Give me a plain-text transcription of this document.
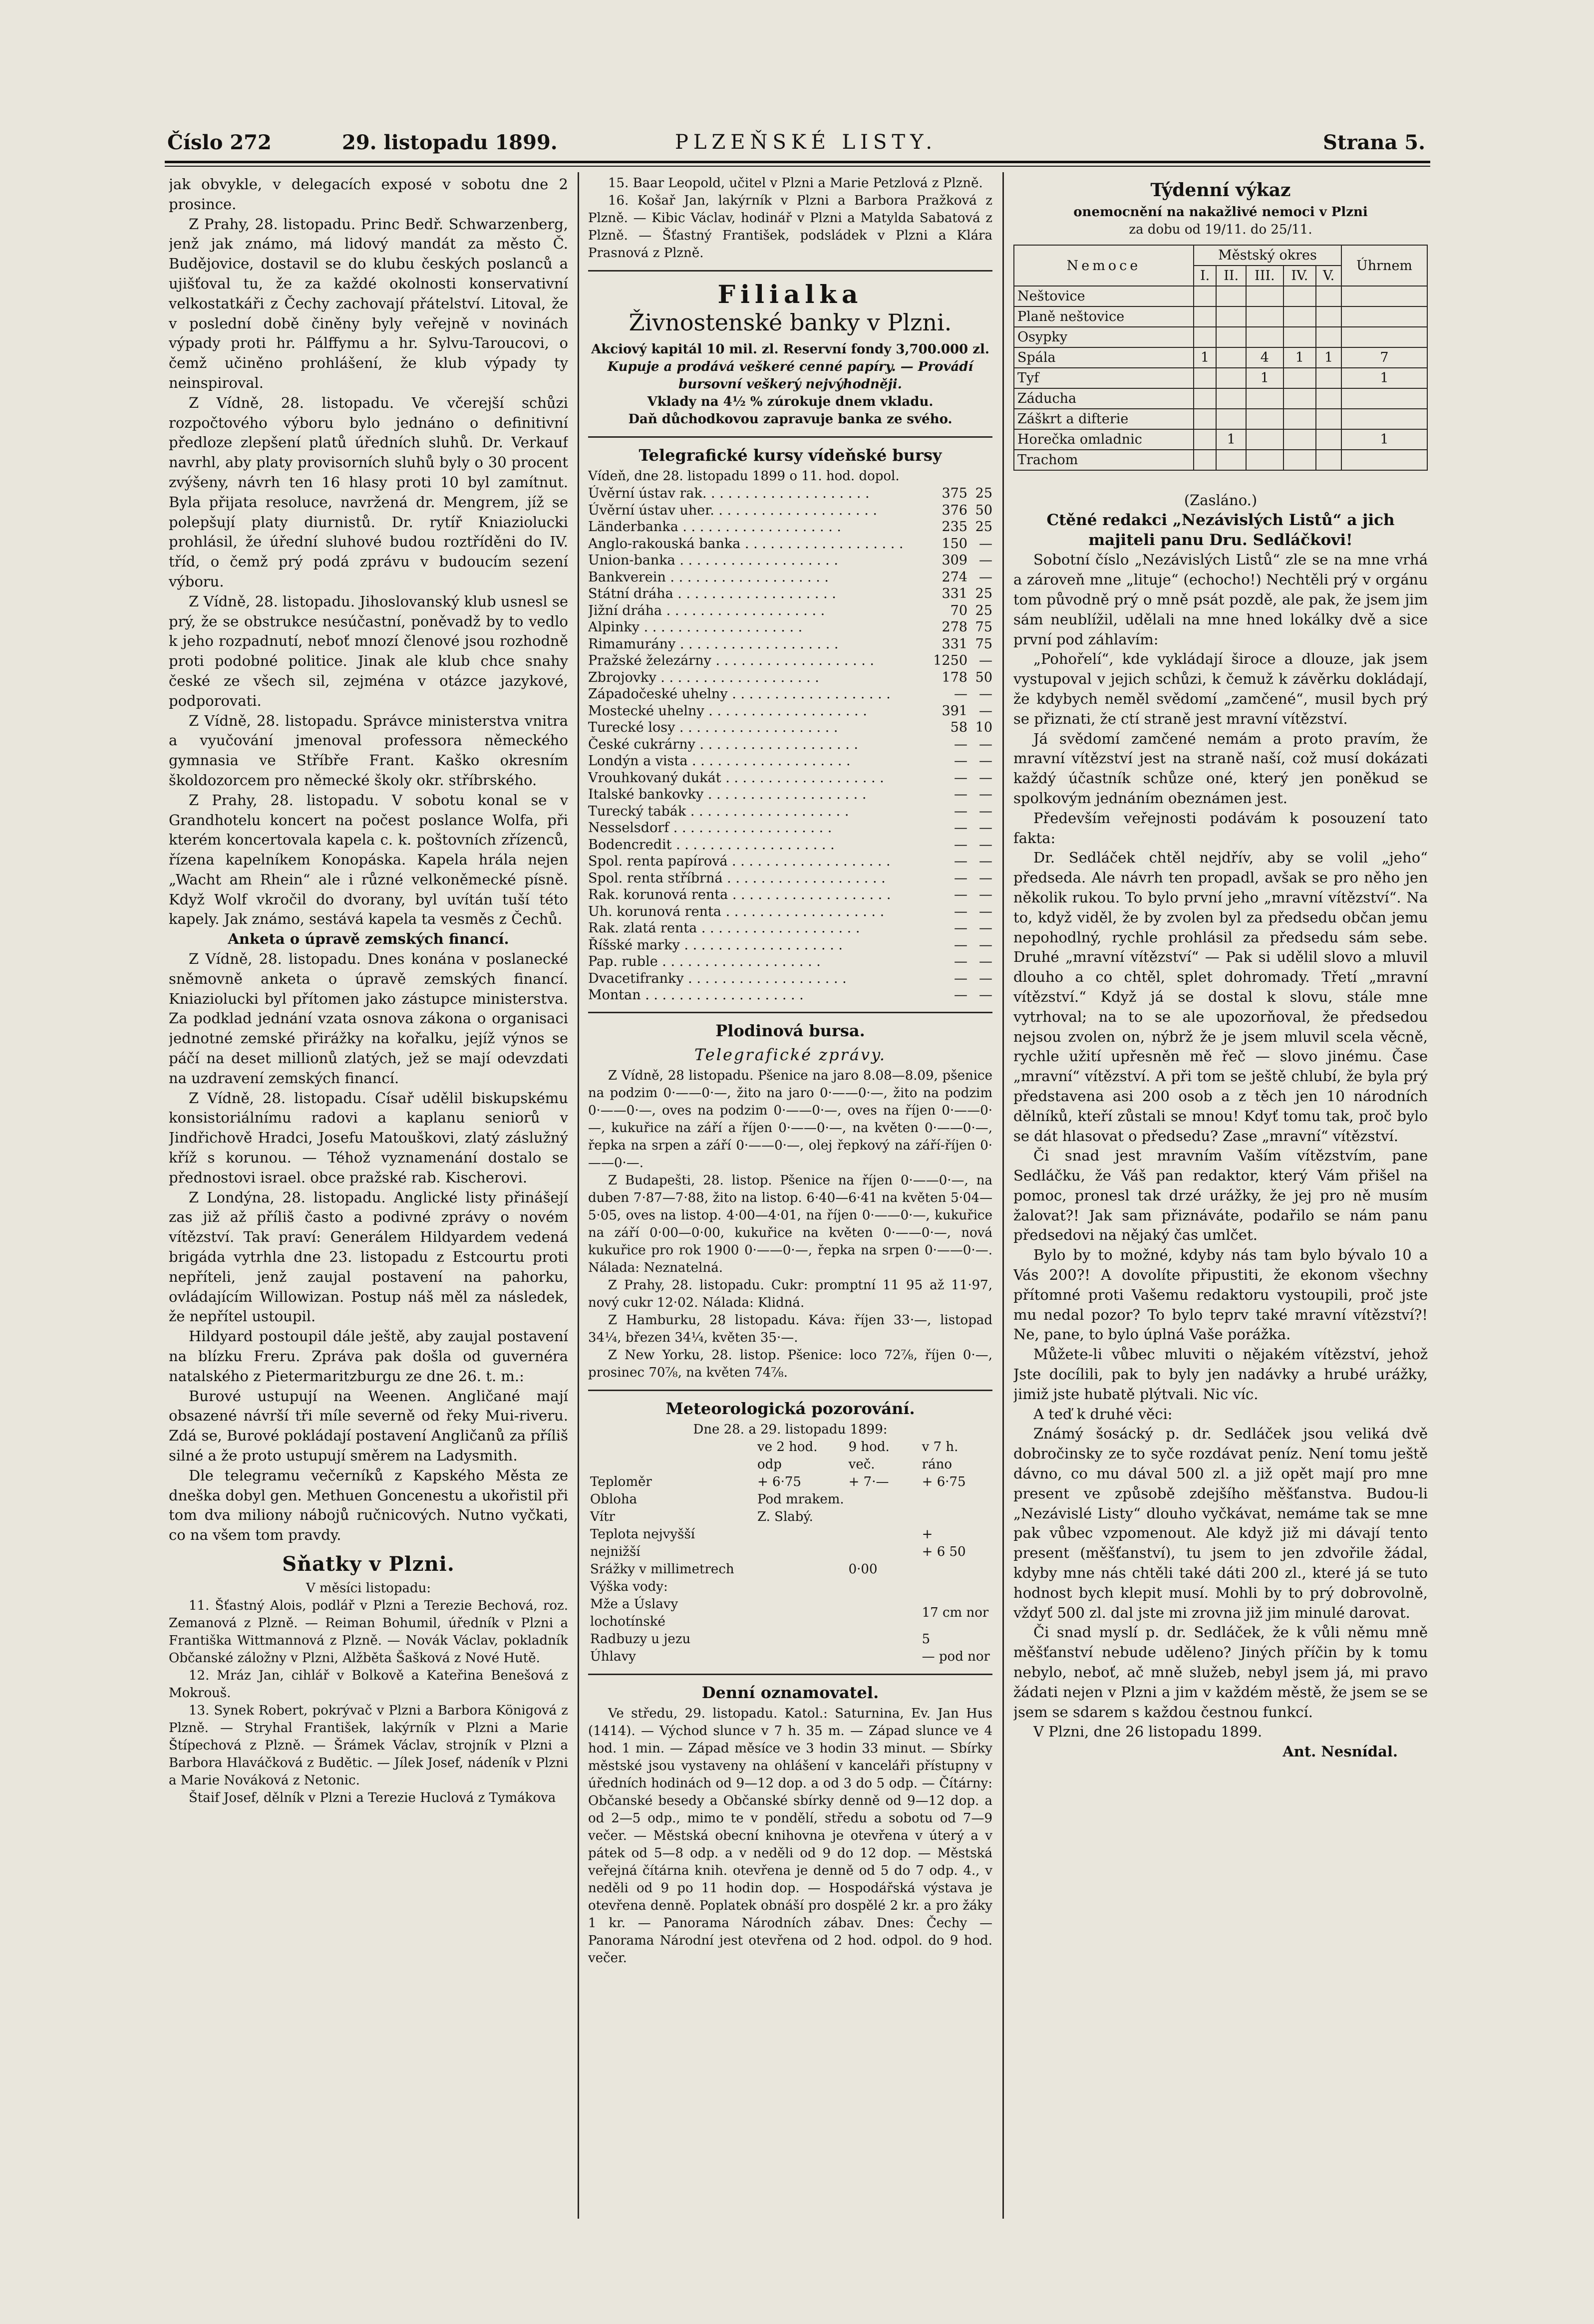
Číslo 272	29. listopadu 1899.	PLZEŇSKÉ LISTY.	Strana 5.

jak obvykle, v delegacích exposé v sobotu dne 2 prosince.

Z Prahy, 28. listopadu. Princ Bedř. Schwarzenberg, jenž jak známo, má lidový mandát za město Č. Budějovice, dostavil se do klubu českých poslanců a ujišťoval tu, že za každé okolnosti konservativní velkostatkáři z Čechy zachovají přátelství. Litoval, že v poslední době činěny byly veřejně v novinách výpady proti hr. Pálffymu a hr. Sylvu-Taroucovi, o čemž učiněno prohlášení, že klub výpady ty neinspiroval.

Z Vídně, 28. listopadu. Ve včerejší schůzi rozpočtového výboru bylo jednáno o definitivní předloze zlepšení platů úředních sluhů. Dr. Verkauf navrhl, aby platy provisorních sluhů byly o 30 procent zvýšeny, návrh ten 16 hlasy proti 10 byl zamítnut. Byla přijata resoluce, navržená dr. Mengrem, jíž se polepšují platy diurnistů. Dr. rytíř Kniaziolucki prohlásil, že úřední sluhové budou roztříděni do IV. tříd, o čemž prý podá zprávu v budoucím sezení výboru.

Z Vídně, 28. listopadu. Jihoslovanský klub usnesl se prý, že se obstrukce nesúčastní, poněvadž by to vedlo k jeho rozpadnutí, neboť mnozí členové jsou rozhodně proti podobné politice. Jinak ale klub chce snahy české ze všech sil, zejména v otázce jazykové, podporovati.

Z Vídně, 28. listopadu. Správce ministerstva vnitra a vyučování jmenoval professora německého gymnasia ve Stříbře Frant. Kaško okresním školdozorcem pro německé školy okr. stříbrského.

Z Prahy, 28. listopadu. V sobotu konal se v Grandhotelu koncert na počest poslance Wolfa, při kterém koncertovala kapela c. k. poštovních zřízenců, řízena kapelníkem Konopáska. Kapela hrála nejen „Wacht am Rhein“ ale i různé velkoněmecké písně. Když Wolf vkročil do dvorany, byl uvítán tuší této kapely. Jak známo, sestává kapela ta vesměs z Čechů.

Anketa o úpravě zemských financí.

Z Vídně, 28. listopadu. Dnes konána v poslanecké sněmovně anketa o úpravě zemských financí. Kniaziolucki byl přítomen jako zástupce ministerstva. Za podklad jednání vzata osnova zákona o organisaci jednotné zemské přirážky na kořalku, jejíž výnos se páčí na deset millionů zlatých, jež se mají odevzdati na uzdravení zemských financí.

Z Vídně, 28. listopadu. Císař udělil biskupskému konsistoriálnímu radovi a kaplanu seniorů v Jindřichově Hradci, Josefu Matouškovi, zlatý záslužný kříž s korunou. — Téhož vyznamenání dostalo se přednostovi israel. obce pražské rab. Kischerovi.

Z Londýna, 28. listopadu. Anglické listy přinášejí zas již až příliš často a podivné zprávy o novém vítězství. Tak praví: Generálem Hildyardem vedená brigáda vytrhla dne 23. listopadu z Estcourtu proti nepříteli, jenž zaujal postavení na pahorku, ovládajícím Willowizan. Postup náš měl za následek, že nepřítel ustoupil.

Hildyard postoupil dále ještě, aby zaujal postavení na blízku Freru. Zpráva pak došla od guvernéra natalského z Pietermaritzburgu ze dne 26. t. m.:

Burové ustupují na Weenen. Angličané mají obsazené návrší tři míle severně od řeky Mui-riveru. Zdá se, Burové pokládají postavení Angličanů za příliš silné a že proto ustupují směrem na Ladysmith.

Dle telegramu večerníků z Kapského Města ze dneška dobyl gen. Methuen Goncenestu a ukořistil při tom dva miliony nábojů ručnicových. Nutno vyčkati, co na všem tom pravdy.

Sňatky v Plzni.

V měsíci listopadu:

11. Šťastný Alois, podlář v Plzni a Terezie Bechová, roz. Zemanová z Plzně. — Reiman Bohumil, úředník v Plzni a Františka Wittmannová z Plzně. — Novák Václav, pokladník Občanské záložny v Plzni, Alžběta Šašková z Nové Hutě.

12. Mráz Jan, cihlář v Bolkově a Kateřina Benešová z Mokrouš.

13. Synek Robert, pokrývač v Plzni a Barbora Königová z Plzně. — Stryhal František, lakýrník v Plzni a Marie Štípechová z Plzně. — Šrámek Václav, strojník v Plzni a Barbora Hlaváčková z Budětic. — Jílek Josef, nádeník v Plzni a Marie Nováková z Netonic.

Štaif Josef, dělník v Plzni a Terezie Huclová z Tymákova

15. Baar Leopold, učitel v Plzni a Marie Petzlová z Plzně.

16. Košař Jan, lakýrník v Plzni a Barbora Pražková z Plzně. — Kibic Václav, hodinář v Plzni a Matylda Sabatová z Plzně. — Šťastný František, podsládek v Plzni a Klára Prasnová z Plzně.

Filialka
Živnostenské banky v Plzni.

Akciový kapitál 10 mil. zl. Reservní fondy 3,700.000 zl.

Kupuje a prodává veškeré cenné papíry. — Provádí

bursovní veškerý nejvýhodněji.

Vklady na 4½ % zúrokuje dnem vkladu.

Daň důchodkovou zapravuje banka ze svého.

Telegrafické kursy vídeňské bursy

Vídeň, dne 28. listopadu 1899 o 11. hod. dopol.

Úvěrní ústav rak. . . . . . . . . . . . . . . . . . . .	375	25
Úvěrní ústav uher. . . . . . . . . . . . . . . . . . . .	376	50
Länderbanka . . . . . . . . . . . . . . . . . . .	235	25
Anglo-rakouská banka . . . . . . . . . . . . . . . . . . .	150	—
Union-banka . . . . . . . . . . . . . . . . . . .	309	—
Bankverein . . . . . . . . . . . . . . . . . . .	274	—
Státní dráha . . . . . . . . . . . . . . . . . . .	331	25
Jižní dráha . . . . . . . . . . . . . . . . . . .	70	25
Alpinky . . . . . . . . . . . . . . . . . . .	278	75
Rimamurány . . . . . . . . . . . . . . . . . . .	331	75
Pražské železárny . . . . . . . . . . . . . . . . . . .	1250	—
Zbrojovky . . . . . . . . . . . . . . . . . . .	178	50
Západočeské uhelny . . . . . . . . . . . . . . . . . . .	—	—
Mostecké uhelny . . . . . . . . . . . . . . . . . . .	391	—
Turecké losy . . . . . . . . . . . . . . . . . . .	58	10
České cukrárny . . . . . . . . . . . . . . . . . . .	—	—
Londýn a vista . . . . . . . . . . . . . . . . . . .	—	—
Vrouhkovaný dukát . . . . . . . . . . . . . . . . . . .	—	—
Italské bankovky . . . . . . . . . . . . . . . . . . .	—	—
Turecký tabák . . . . . . . . . . . . . . . . . . .	—	—
Nesselsdorf . . . . . . . . . . . . . . . . . . .	—	—
Bodencredit . . . . . . . . . . . . . . . . . . .	—	—
Spol. renta papírová . . . . . . . . . . . . . . . . . . .	—	—
Spol. renta stříbrná . . . . . . . . . . . . . . . . . . .	—	—
Rak. korunová renta . . . . . . . . . . . . . . . . . . .	—	—
Uh. korunová renta . . . . . . . . . . . . . . . . . . .	—	—
Rak. zlatá renta . . . . . . . . . . . . . . . . . . .	—	—
Říšské marky . . . . . . . . . . . . . . . . . . .	—	—
Pap. ruble . . . . . . . . . . . . . . . . . . .	—	—
Dvacetifranky . . . . . . . . . . . . . . . . . . .	—	—
Montan . . . . . . . . . . . . . . . . . . .	—	—
Plodinová bursa.
Telegrafické zprávy.

Z Vídně, 28 listopadu. Pšenice na jaro 8.08—8.09, pšenice na podzim 0·——0·—, žito na jaro 0·——0·—, žito na podzim 0·——0·—, oves na podzim 0·——0·—, oves na říjen 0·——0·—, kukuřice na září a říjen 0·——0·—, na květen 0·——0·—, řepka na srpen a září 0·——0·—, olej řepkový na září-říjen 0·——0·—.

Z Budapešti, 28. listop. Pšenice na říjen 0·——0·—, na duben 7·87—7·88, žito na listop. 6·40—6·41 na květen 5·04—5·05, oves na listop. 4·00—4·01, na říjen 0·——0·—, kukuřice na září 0·00—0·00, kukuřice na květen 0·——0·—, nová kukuřice pro rok 1900 0·——0·—, řepka na srpen 0·——0·—. Nálada: Neznatelná.

Z Prahy, 28. listopadu. Cukr: promptní 11 95 až 11·97, nový cukr 12·02. Nálada: Klidná.

Z Hamburku, 28 listopadu. Káva: říjen 33·—, listopad 34¼, březen 34¼, květen 35·—.

Z New Yorku, 28. listop. Pšenice: loco 72⅞, říjen 0·—, prosinec 70⅞, na květen 74⅞.

Meteorologická pozorování.

Dne 28. a 29. listopadu 1899:

	ve 2 hod. odp	9 hod. več.	v 7 h. ráno
Teploměr	+ 6·75	+ 7·—	+ 6·75
Obloha	Pod mrakem.		
Vítr	Z. Slabý.		
Teplota nejvyšší			+
nejnižší			+ 6 50
Srážky v millimetrech		0·00	
Výška vody:			
Mže a Úslavy lochotínské			17 cm nor
Radbuzy u jezu			5
Úhlavy			— pod nor
Denní oznamovatel.

Ve středu, 29. listopadu. Katol.: Saturnina, Ev. Jan Hus (1414). — Východ slunce v 7 h. 35 m. — Západ slunce ve 4 hod. 1 min. — Západ měsíce ve 3 hodin 33 minut. — Sbírky městské jsou vystaveny na ohlášení v kanceláři přístupny v úředních hodinách od 9—12 dop. a od 3 do 5 odp. — Čítárny: Občanské besedy a Občanské sbírky denně od 9—12 dop. a od 2—5 odp., mimo te v pondělí, středu a sobotu od 7—9 večer. — Městská obecní knihovna je otevřena v úterý a v pátek od 5—8 odp. a v neděli od 9 do 12 dop. — Městská veřejná čítárna knih. otevřena je denně od 5 do 7 odp. 4., v neděli od 9 po 11 hodin dop. — Hospodářská výstava je otevřena denně. Poplatek obnáší pro dospělé 2 kr. a pro žáky 1 kr. — Panorama Národních zábav. Dnes: Čechy — Panorama Národní jest otevřena od 2 hod. odpol. do 9 hod. večer.

Týdenní výkaz

onemocnění na nakažlivé nemoci v Plzni

za dobu od 19/11. do 25/11.

Nemoce	Městský okres					Úhrnem
	I.	II.	III.	IV.	V.	
Neštovice						
Planě neštovice						
Osypky						
Spála	1		4	1	1	7
Tyf			1			1
Záducha						
Záškrt a difterie						
Horečka omladnic		1				1
Trachom						

(Zasláno.)

Ctěné redakci „Nezávislých Listů“ a jich

majiteli panu Dru. Sedláčkovi!

Sobotní číslo „Nezávislých Listů“ zle se na mne vrhá a zároveň mne „lituje“ (echocho!) Nechtěli prý v orgánu tom původně prý o mně psát pozdě, ale pak, že jsem jim sám neublížil, udělali na mne hned lokálky dvě a sice první pod záhlavím:

„Pohořelí“, kde vykládají široce a dlouze, jak jsem vystupoval v jejich schůzi, k čemuž k závěrku dokládají, že kdybych neměl svědomí „zamčené“, musil bych prý se přiznati, že ctí straně jest mravní vítězství.

Já svědomí zamčené nemám a proto pravím, že mravní vítězství jest na straně naší, což musí dokázati každý účastník schůze oné, který jen poněkud se spolkovým jednáním obeznámen jest.

Především veřejnosti podávám k posouzení tato fakta:

Dr. Sedláček chtěl nejdřív, aby se volil „jeho“ předseda. Ale návrh ten propadl, avšak se pro něho jen několik rukou. To bylo první jeho „mravní vítězství“. Na to, když viděl, že by zvolen byl za předsedu občan jemu nepohodlný, rychle prohlásil za předsedu sám sebe. Druhé „mravní vítězství“ — Pak si udělil slovo a mluvil dlouho a co chtěl, splet dohromady. Třetí „mravní vítězství.“ Když já se dostal k slovu, stále mne vytrhoval; na to se ale upozorňoval, že předsedou nejsou zvolen on, nýbrž že je jsem mluvil scela věcně, rychle užití upřesněn mě řeč — slovo jinému. Čase „mravní“ vítězství. A při tom se ještě chlubí, že byla prý představena asi 200 osob a z těch jen 10 národních dělníků, kteří zůstali se mnou! Kdyť tomu tak, proč bylo se dát hlasovat o předsedu? Zase „mravní“ vítězství.

Či snad jest mravním Vaším vítězstvím, pane Sedláčku, že Váš pan redaktor, který Vám přišel na pomoc, pronesl tak drzé urážky, že jej pro ně musím žalovat?! Jak sam přiznáváte, podařilo se nám panu předsedovi na nějaký čas umlčet.

Bylo by to možné, kdyby nás tam bylo bývalo 10 a Vás 200?! A dovolíte připustiti, že ekonom všechny přítomné proti Vašemu redaktoru vystoupili, proč jste mu nedal pozor? To bylo teprv také mravní vítězství?! Ne, pane, to bylo úplná Vaše porážka.

Můžete-li vůbec mluviti o nějakém vítězství, jehož Jste docílili, pak to byly jen nadávky a hrubé urážky, jimiž jste hubatě plýtvali. Nic víc.

A teď k druhé věci:

Známý šosácký p. dr. Sedláček jsou veliká dvě dobročinsky ze to syče rozdávat peníz. Není tomu ještě dávno, co mu dával 500 zl. a již opět mají pro mne present ve způsobě zdejšího měšťanstva. Budou-li „Nezávislé Listy“ dlouho vyčkávat, nemáme tak se mne pak vůbec vzpomenout. Ale když již mi dávají tento present (měšťanství), tu jsem to jen zdvořile žádal, kdyby mne nás chtěli také dáti 200 zl., které já se tuto hodnost bych klepit musí. Mohli by to prý dobrovolně, vždyť 500 zl. dal jste mi zrovna již jim minulé darovat.

Či snad myslí p. dr. Sedláček, že k vůli němu mně měšťanství nebude uděleno? Jiných příčin by k tomu nebylo, neboť, ač mně služeb, nebyl jsem já, mi pravo žádati nejen v Plzni a jim v každém městě, že jsem se se jsem se sdarem s každou čestnou funkcí.

V Plzni, dne 26 listopadu 1899.

Ant. Nesnídal.
